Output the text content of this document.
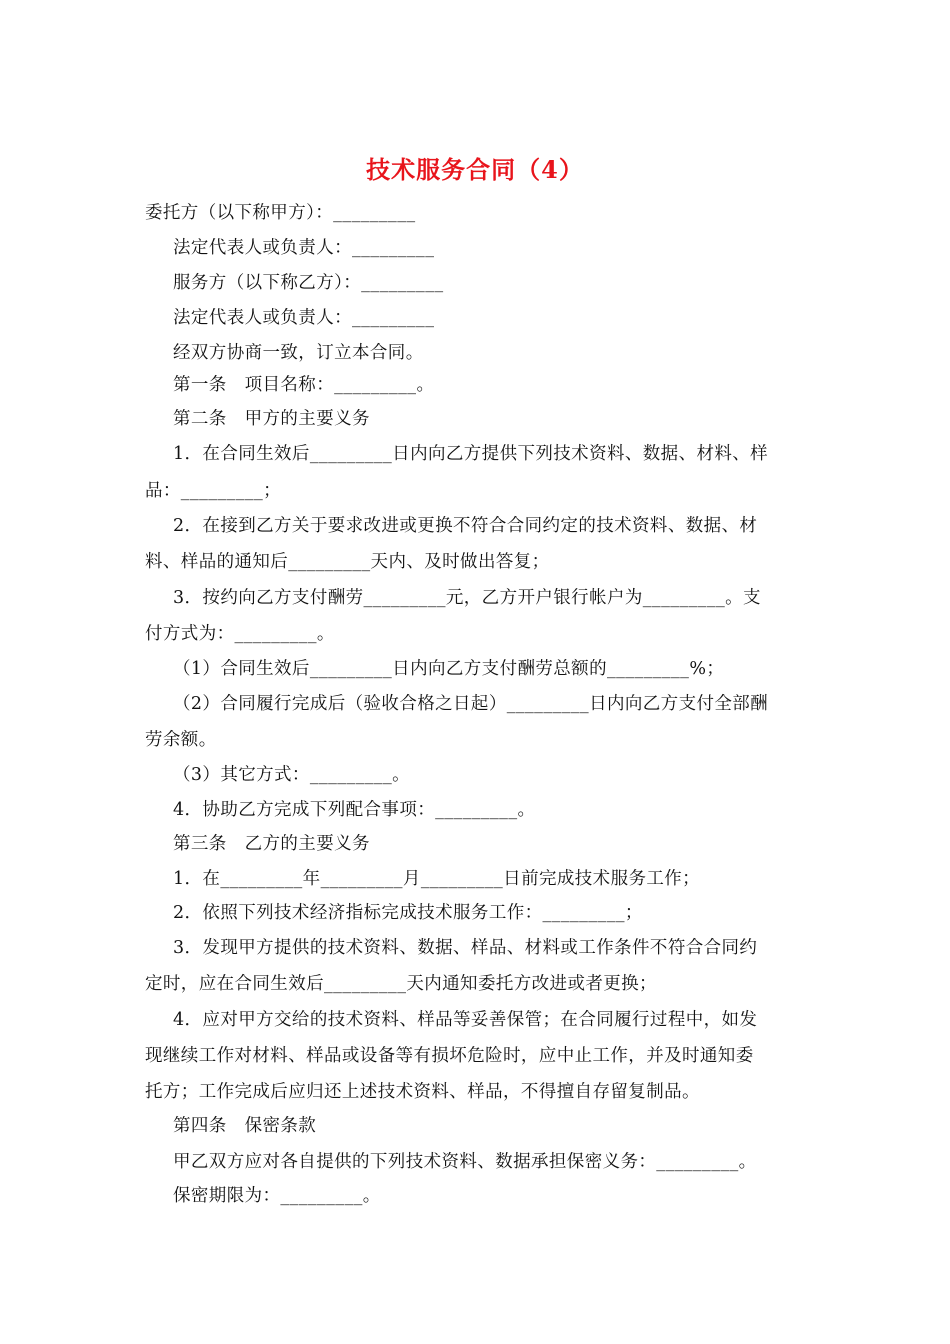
技术服务合同（4）
委托方（以下称甲方）：_________
法定代表人或负责人：_________
服务方（以下称乙方）：_________
法定代表人或负责人：_________
经双方协商一致，订立本合同。
第一条　项目名称：_________。
第二条　甲方的主要义务
1．在合同生效后_________日内向乙方提供下列技术资料、数据、材料、样
品：_________；
2．在接到乙方关于要求改进或更换不符合合同约定的技术资料、数据、材
料、样品的通知后_________天内、及时做出答复；
3．按约向乙方支付酬劳_________元，乙方开户银行帐户为_________。支
付方式为：_________。
（1）合同生效后_________日内向乙方支付酬劳总额的_________%；
（2）合同履行完成后（验收合格之日起）_________日内向乙方支付全部酬
劳余额。
（3）其它方式：_________。
4．协助乙方完成下列配合事项：_________。
第三条　乙方的主要义务
1．在_________年_________月_________日前完成技术服务工作；
2．依照下列技术经济指标完成技术服务工作：_________；
3．发现甲方提供的技术资料、数据、样品、材料或工作条件不符合合同约
定时，应在合同生效后_________天内通知委托方改进或者更换；
4．应对甲方交给的技术资料、样品等妥善保管；在合同履行过程中，如发
现继续工作对材料、样品或设备等有损坏危险时，应中止工作，并及时通知委
托方；工作完成后应归还上述技术资料、样品，不得擅自存留复制品。
第四条　保密条款
甲乙双方应对各自提供的下列技术资料、数据承担保密义务：_________。
保密期限为：_________。
